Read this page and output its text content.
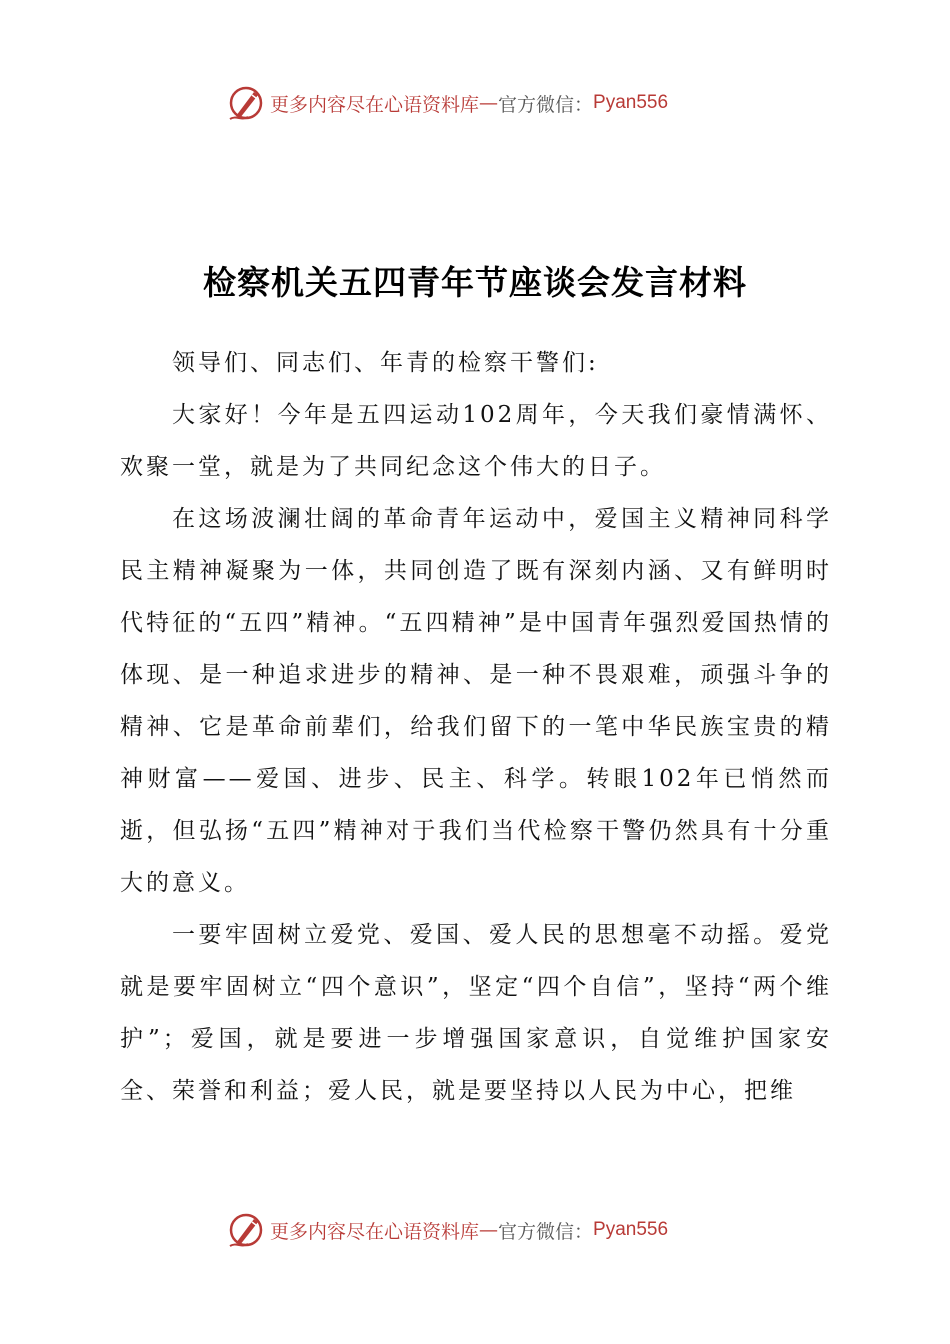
更多内容尽在心语资料库 — 官方微信： Pyan556
检察机关五四青年节座谈会发言材料

领导们、同志们、年青的检察干警们:

大家好！今年是五四运动102周年，今天我们豪情满怀、欢聚一堂，就是为了共同纪念这个伟大的日子。

在这场波澜壮阔的革命青年运动中，爱国主义精神同科学民主精神凝聚为一体，共同创造了既有深刻内涵、又有鲜明时代特征的“五四”精神。“五四精神”是中国青年强烈爱国热情的体现、是一种追求进步的精神、是一种不畏艰难，顽强斗争的精神、它是革命前辈们，给我们留下的一笔中华民族宝贵的精神财富——爱国、进步、民主、科学。转眼102年已悄然而逝，但弘扬“五四”精神对于我们当代检察干警仍然具有十分重大的意义。

一要牢固树立爱党、爱国、爱人民的思想毫不动摇。爱党就是要牢固树立“四个意识”，坚定“四个自信”，坚持“两个维护”；爱国，就是要进一步增强国家意识，自觉维护国家安全、荣誉和利益；爱人民，就是要坚持以人民为中心，把维

更多内容尽在心语资料库 — 官方微信： Pyan556
